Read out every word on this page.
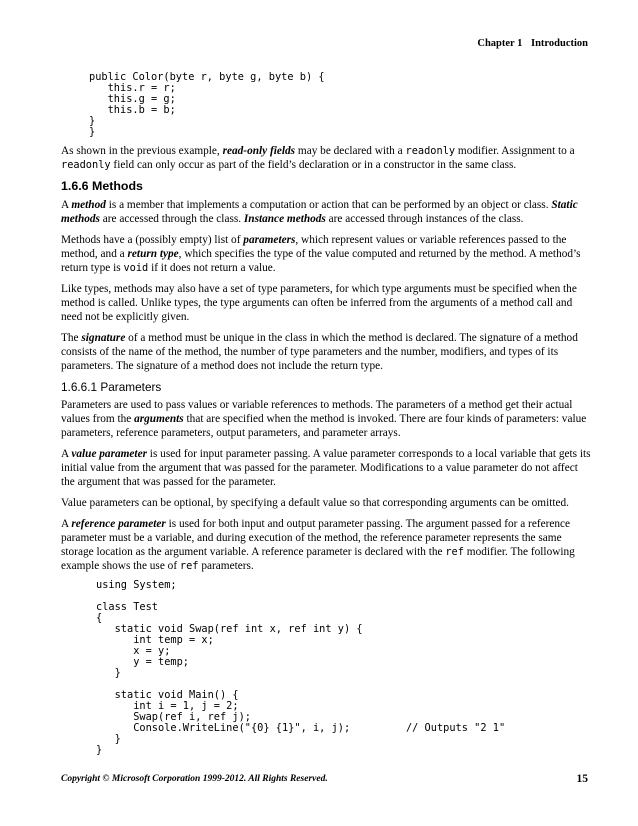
Chapter 1 Introduction
public Color(byte r, byte g, byte b) {
this.r = r;
this.g = g;
this.b = b;
}
}

As shown in the previous example, read-only fields may be declared with a readonly modifier. Assignment to a readonly field can only occur as part of the field’s declaration or in a constructor in the same class.

1.6.6 Methods

A method is a member that implements a computation or action that can be performed by an object or class. Static methods are accessed through the class. Instance methods are accessed through instances of the class.

Methods have a (possibly empty) list of parameters, which represent values or variable references passed to the method, and a return type, which specifies the type of the value computed and returned by the method. A method’s return type is void if it does not return a value.

Like types, methods may also have a set of type parameters, for which type arguments must be specified when the method is called. Unlike types, the type arguments can often be inferred from the arguments of a method call and need not be explicitly given.

The signature of a method must be unique in the class in which the method is declared. The signature of a method consists of the name of the method, the number of type parameters and the number, modifiers, and types of its parameters. The signature of a method does not include the return type.

1.6.6.1 Parameters

Parameters are used to pass values or variable references to methods. The parameters of a method get their actual values from the arguments that are specified when the method is invoked. There are four kinds of parameters: value parameters, reference parameters, output parameters, and parameter arrays.

A value parameter is used for input parameter passing. A value parameter corresponds to a local variable that gets its initial value from the argument that was passed for the parameter. Modifications to a value parameter do not affect the argument that was passed for the parameter.

Value parameters can be optional, by specifying a default value so that corresponding arguments can be omitted.

A reference parameter is used for both input and output parameter passing. The argument passed for a reference parameter must be a variable, and during execution of the method, the reference parameter represents the same storage location as the argument variable. A reference parameter is declared with the ref modifier. The following example shows the use of ref parameters.

using System;

class Test
{
static void Swap(ref int x, ref int y) {
int temp = x;
x = y;
y = temp;
}

static void Main() {
int i = 1, j = 2;
Swap(ref i, ref j);
Console.WriteLine("{0} {1}", i, j);         // Outputs "2 1"
}
}
Copyright © Microsoft Corporation 1999-2012. All Rights Reserved.	15
